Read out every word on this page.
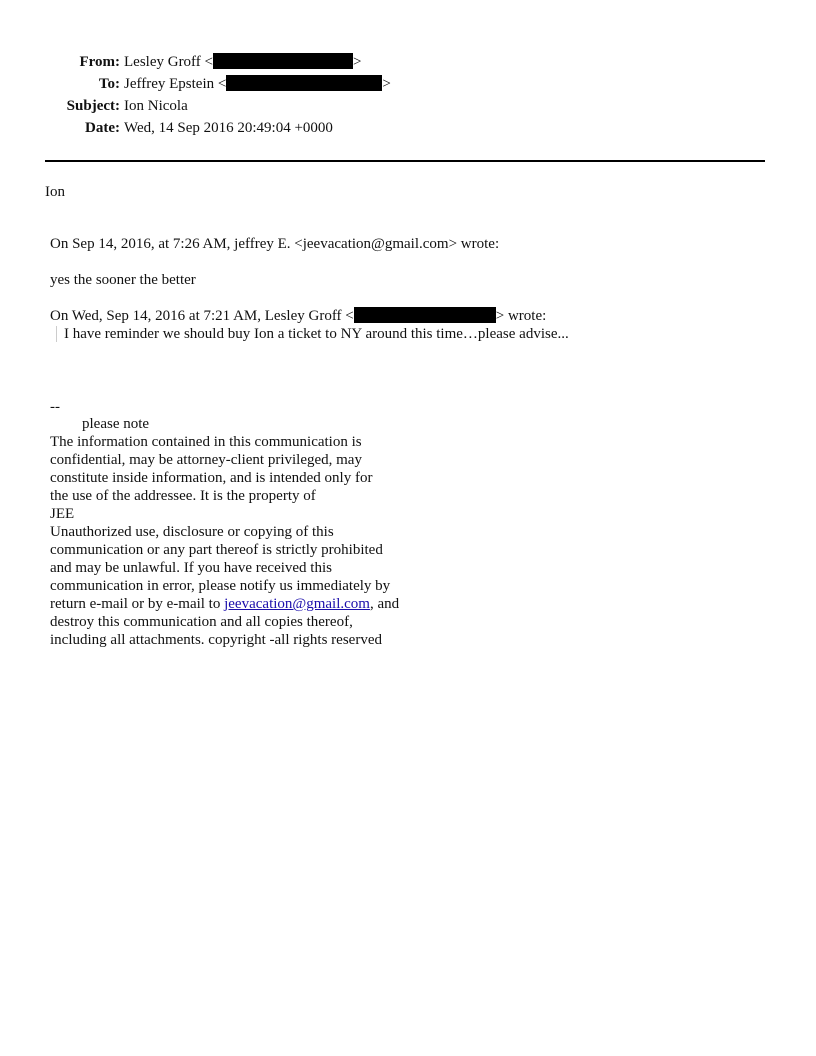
From: Lesley Groff <	>
To: Jeffrey Epstein <	>
Subject: Ion Nicola
Date: Wed, 14 Sep 2016 20:49:04 +0000
Ion
On Sep 14, 2016, at 7:26 AM, jeffrey E. <jeevacation@gmail.com> wrote:
yes the sooner the better
On Wed, Sep 14, 2016 at 7:21 AM, Lesley Groff <	> wrote:
I have reminder we should buy Ion a ticket to NY around this time…please advise...
--
please note
The information contained in this communication is
confidential, may be attorney-client privileged, may
constitute inside information, and is intended only for
the use of the addressee. It is the property of
JEE
Unauthorized use, disclosure or copying of this
communication or any part thereof is strictly prohibited
and may be unlawful. If you have received this
communication in error, please notify us immediately by
return e-mail or by e-mail to jeevacation@gmail.com, and
destroy this communication and all copies thereof,
including all attachments. copyright -all rights reserved
